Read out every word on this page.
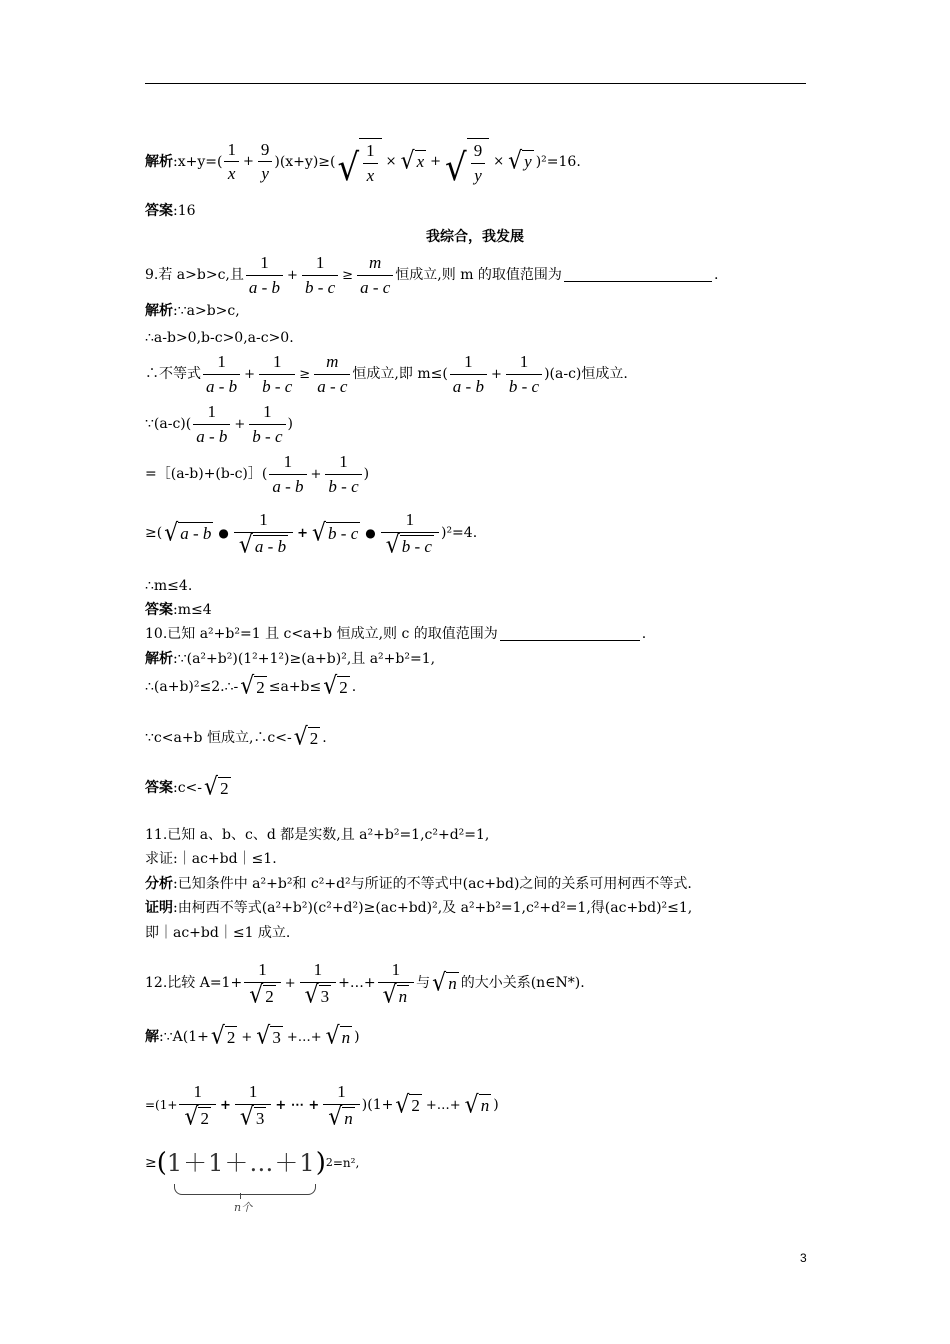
解析 :x+y=( $\frac{1}{x} + \frac{9}{y} )(x+y)\ge$( √ $\frac{1}{x}$ × √ x + √ $\frac{9}{y}$ × √ y )²=16.
答案 : 16
我综合，我发展
9.若 a>b>c,且 $\frac{1}{a - b} + \frac{1}{b - c} \ge \frac{m}{a - c}$ 恒成立,则 m 的取值范围为	.
解析 : ∵a>b>c,
∴a-b>0,b-c>0,a-c>0.
∴不等式 $\frac{1}{a - b} + \frac{1}{b - c} \ge \frac{m}{a - c}$ 恒成立,即 $m\le( \frac{1}{a - b} + \frac{1}{b - c} )(a-c)$恒成立.
∵(a-c)( $\frac{1}{a - b} + \frac{1}{b - c}$ )
=［(a-b)+(b-c)］( $\frac{1}{a - b} + \frac{1}{b - c}$ )
≥( √ a - b ● $\frac{1}{√ a - b}$ + √ b - c ● $\frac{1}{√ b - c} )^2=4$.
∴m≤4.
答案 : m≤4
10.已知 a²+b²=1 且 c<a+b 恒成立,则 c 的取值范围为	.
解析 : ∵(a²+b²)(1²+1²)≥(a+b)²,且 a²+b²=1,
∴(a+b)²≤2.∴- √ 2 ≤a+b≤ √ 2 .
∵c<a+b 恒成立,∴c<- √ 2 .
答案 : c<- √ 2
11.已知 a、b、c、d 都是实数,且 a²+b²=1,c²+d²=1,
求证:｜ac+bd｜≤1.
分析 : 已知条件中 a²+b²和 c²+d²与所证的不等式中(ac+bd)之间的关系可用柯西不等式.
证明 : 由柯西不等式(a²+b²)(c²+d²)≥(ac+bd)²,及 a²+b²=1,c²+d²=1,得(ac+bd)²≤1,
即｜ac+bd｜≤1 成立.
12.比较 $A=1+ \frac{1}{√ 2} + \frac{1}{√ 3}$ +…+ $\frac{1}{√ n}$ 与 √ n 的大小关系(n∈N*).
解 : ∵A(1+ √ 2 + √ 3 +…+ √ n )
$=(1+ \frac{1}{√ 2} + \frac{1}{√ 3}$ + ⋯ + $\frac{1}{√ n} )(1+$ √ 2 +…+ √ n )
≥ ( 1＋1＋…＋1 ) 2 =n²,
n个
3
